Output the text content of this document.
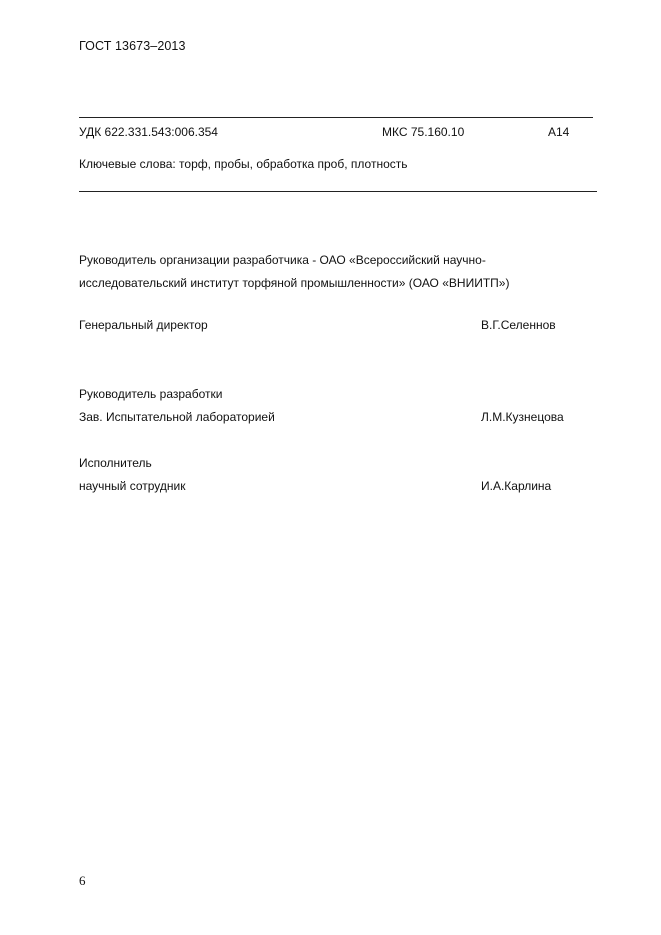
ГОСТ 13673–2013
УДК 622.331.543:006.354	МКС 75.160.10	А14
Ключевые слова: торф, пробы, обработка проб, плотность
Руководитель организации разработчика - ОАО «Всероссийский научно-
исследовательский институт торфяной промышленности» (ОАО «ВНИИТП»)
Генеральный директор	В.Г.Селеннов
Руководитель разработки
Зав. Испытательной лабораторией	Л.М.Кузнецова
Исполнитель
научный сотрудник	И.А.Карлина
6
